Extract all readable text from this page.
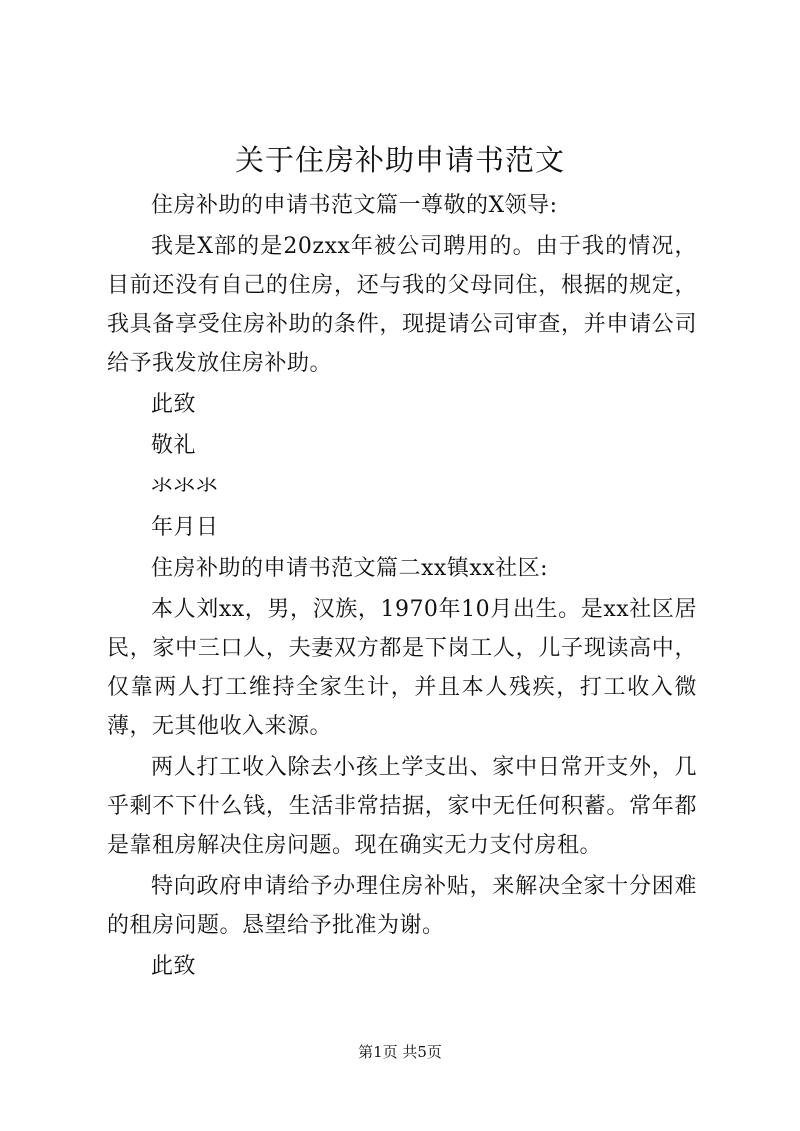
关于住房补助申请书范文

住房补助的申请书范文篇一尊敬的X领导:

我是X部的是20zxx年被公司聘用的。由于我的情况，目前还没有自己的住房，还与我的父母同住，根据的规定，我具备享受住房补助的条件，现提请公司审查，并申请公司给予我发放住房补助。

此致

敬礼

氺氺氺

年月日

住房补助的申请书范文篇二xx镇xx社区:

本人刘xx，男，汉族，1970年10月出生。是xx社区居民，家中三口人，夫妻双方都是下岗工人，儿子现读高中，仅靠两人打工维持全家生计，并且本人残疾，打工收入微薄，无其他收入来源。

两人打工收入除去小孩上学支出、家中日常开支外，几乎剩不下什么钱，生活非常拮据，家中无任何积蓄。常年都是靠租房解决住房问题。现在确实无力支付房租。

特向政府申请给予办理住房补贴，来解决全家十分困难的租房问题。恳望给予批准为谢。

此致

第1页 共5页
